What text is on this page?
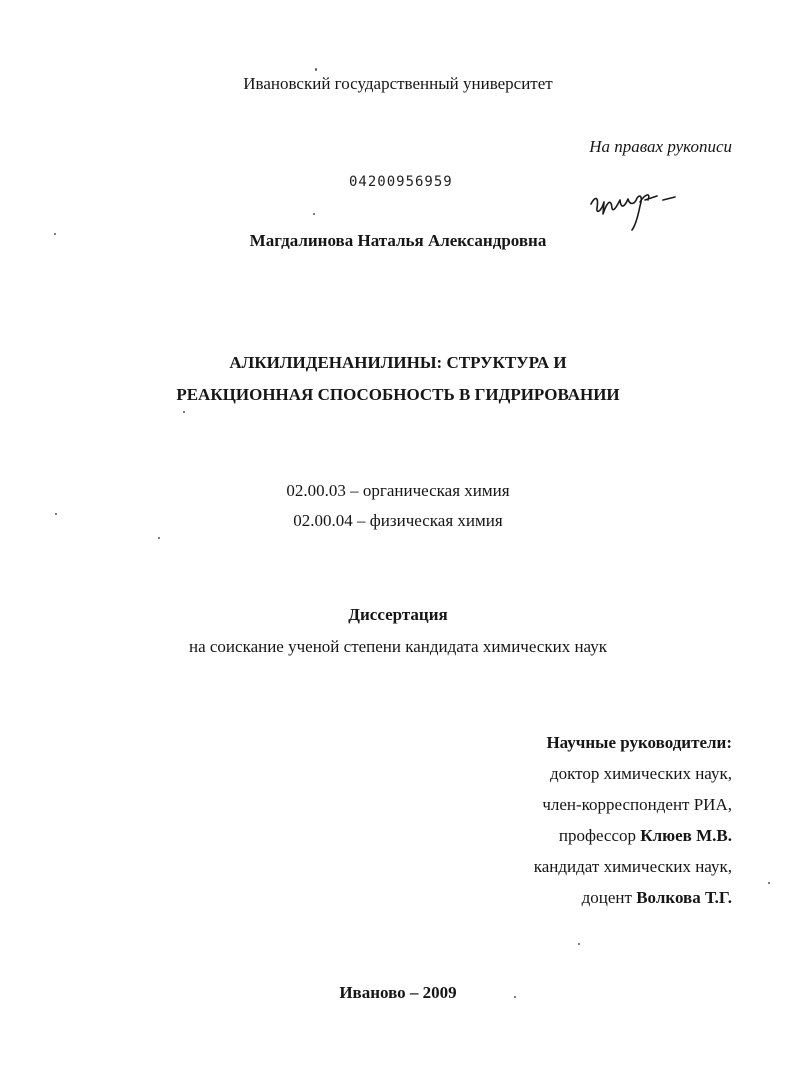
Ивановский государственный университет
На правах рукописи
04200956959
Магдалинова Наталья Александровна
АЛКИЛИДЕНАНИЛИНЫ: СТРУКТУРА И
РЕАКЦИОННАЯ СПОСОБНОСТЬ В ГИДРИРОВАНИИ
02.00.03 – органическая химия
02.00.04 – физическая химия
Диссертация
на соискание ученой степени кандидата химических наук
Научные руководители:
доктор химических наук,
член-корреспондент РИА,
профессор Клюев М.В.
кандидат химических наук,
доцент Волкова Т.Г.
Иваново – 2009
